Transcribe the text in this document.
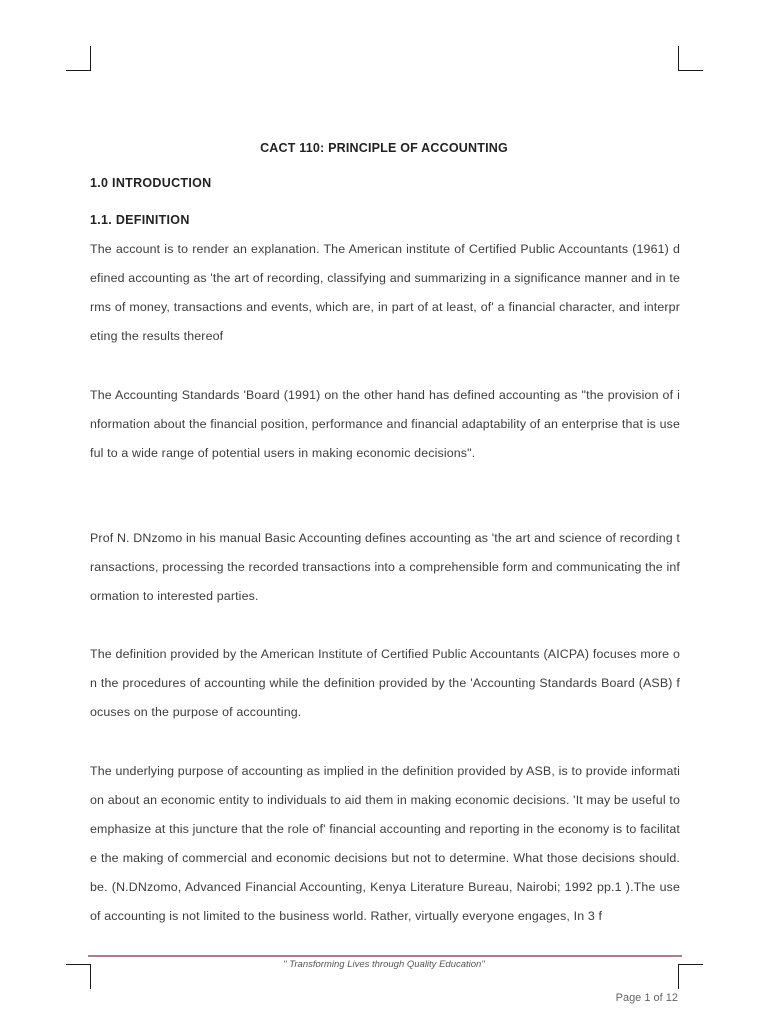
CACT 110: PRINCIPLE OF ACCOUNTING
1.0 INTRODUCTION
1.1. DEFINITION

The account is to render an explanation. The American institute of Certified Public Accountants (1961) defined accounting as 'the art of recording, classifying and summarizing in a significance manner and in terms of money, transactions and events, which are, in part of at least, of' a financial character, and interpreting the results thereof

The Accounting Standards 'Board (1991) on the other hand has defined accounting as "the provision of information about the financial position, performance and financial adaptability of an enterprise that is useful to a wide range of potential users in making economic decisions".

Prof N. DNzomo in his manual Basic Accounting defines accounting as 'the art and science of recording transactions, processing the recorded transactions into a comprehensible form and communicating the information to interested parties.

The definition provided by the American Institute of Certified Public Accountants (AICPA) focuses more on the procedures of accounting while the definition provided by the 'Accounting Standards Board (ASB) focuses on the purpose of accounting.

The underlying purpose of accounting as implied in the definition provided by ASB, is to provide information about an economic entity to individuals to aid them in making economic decisions. 'It may be useful to emphasize at this juncture that the role of' financial accounting and reporting in the economy is to facilitate the making of commercial and economic decisions but not to determine. What those decisions should. be. (N.DNzomo, Advanced Financial Accounting, Kenya Literature Bureau, Nairobi; 1992 pp.1 ).The use of accounting is not limited to the business world. Rather, virtually everyone engages, In 3 f

" Transforming Lives through Quality Education"
Page 1 of 12
